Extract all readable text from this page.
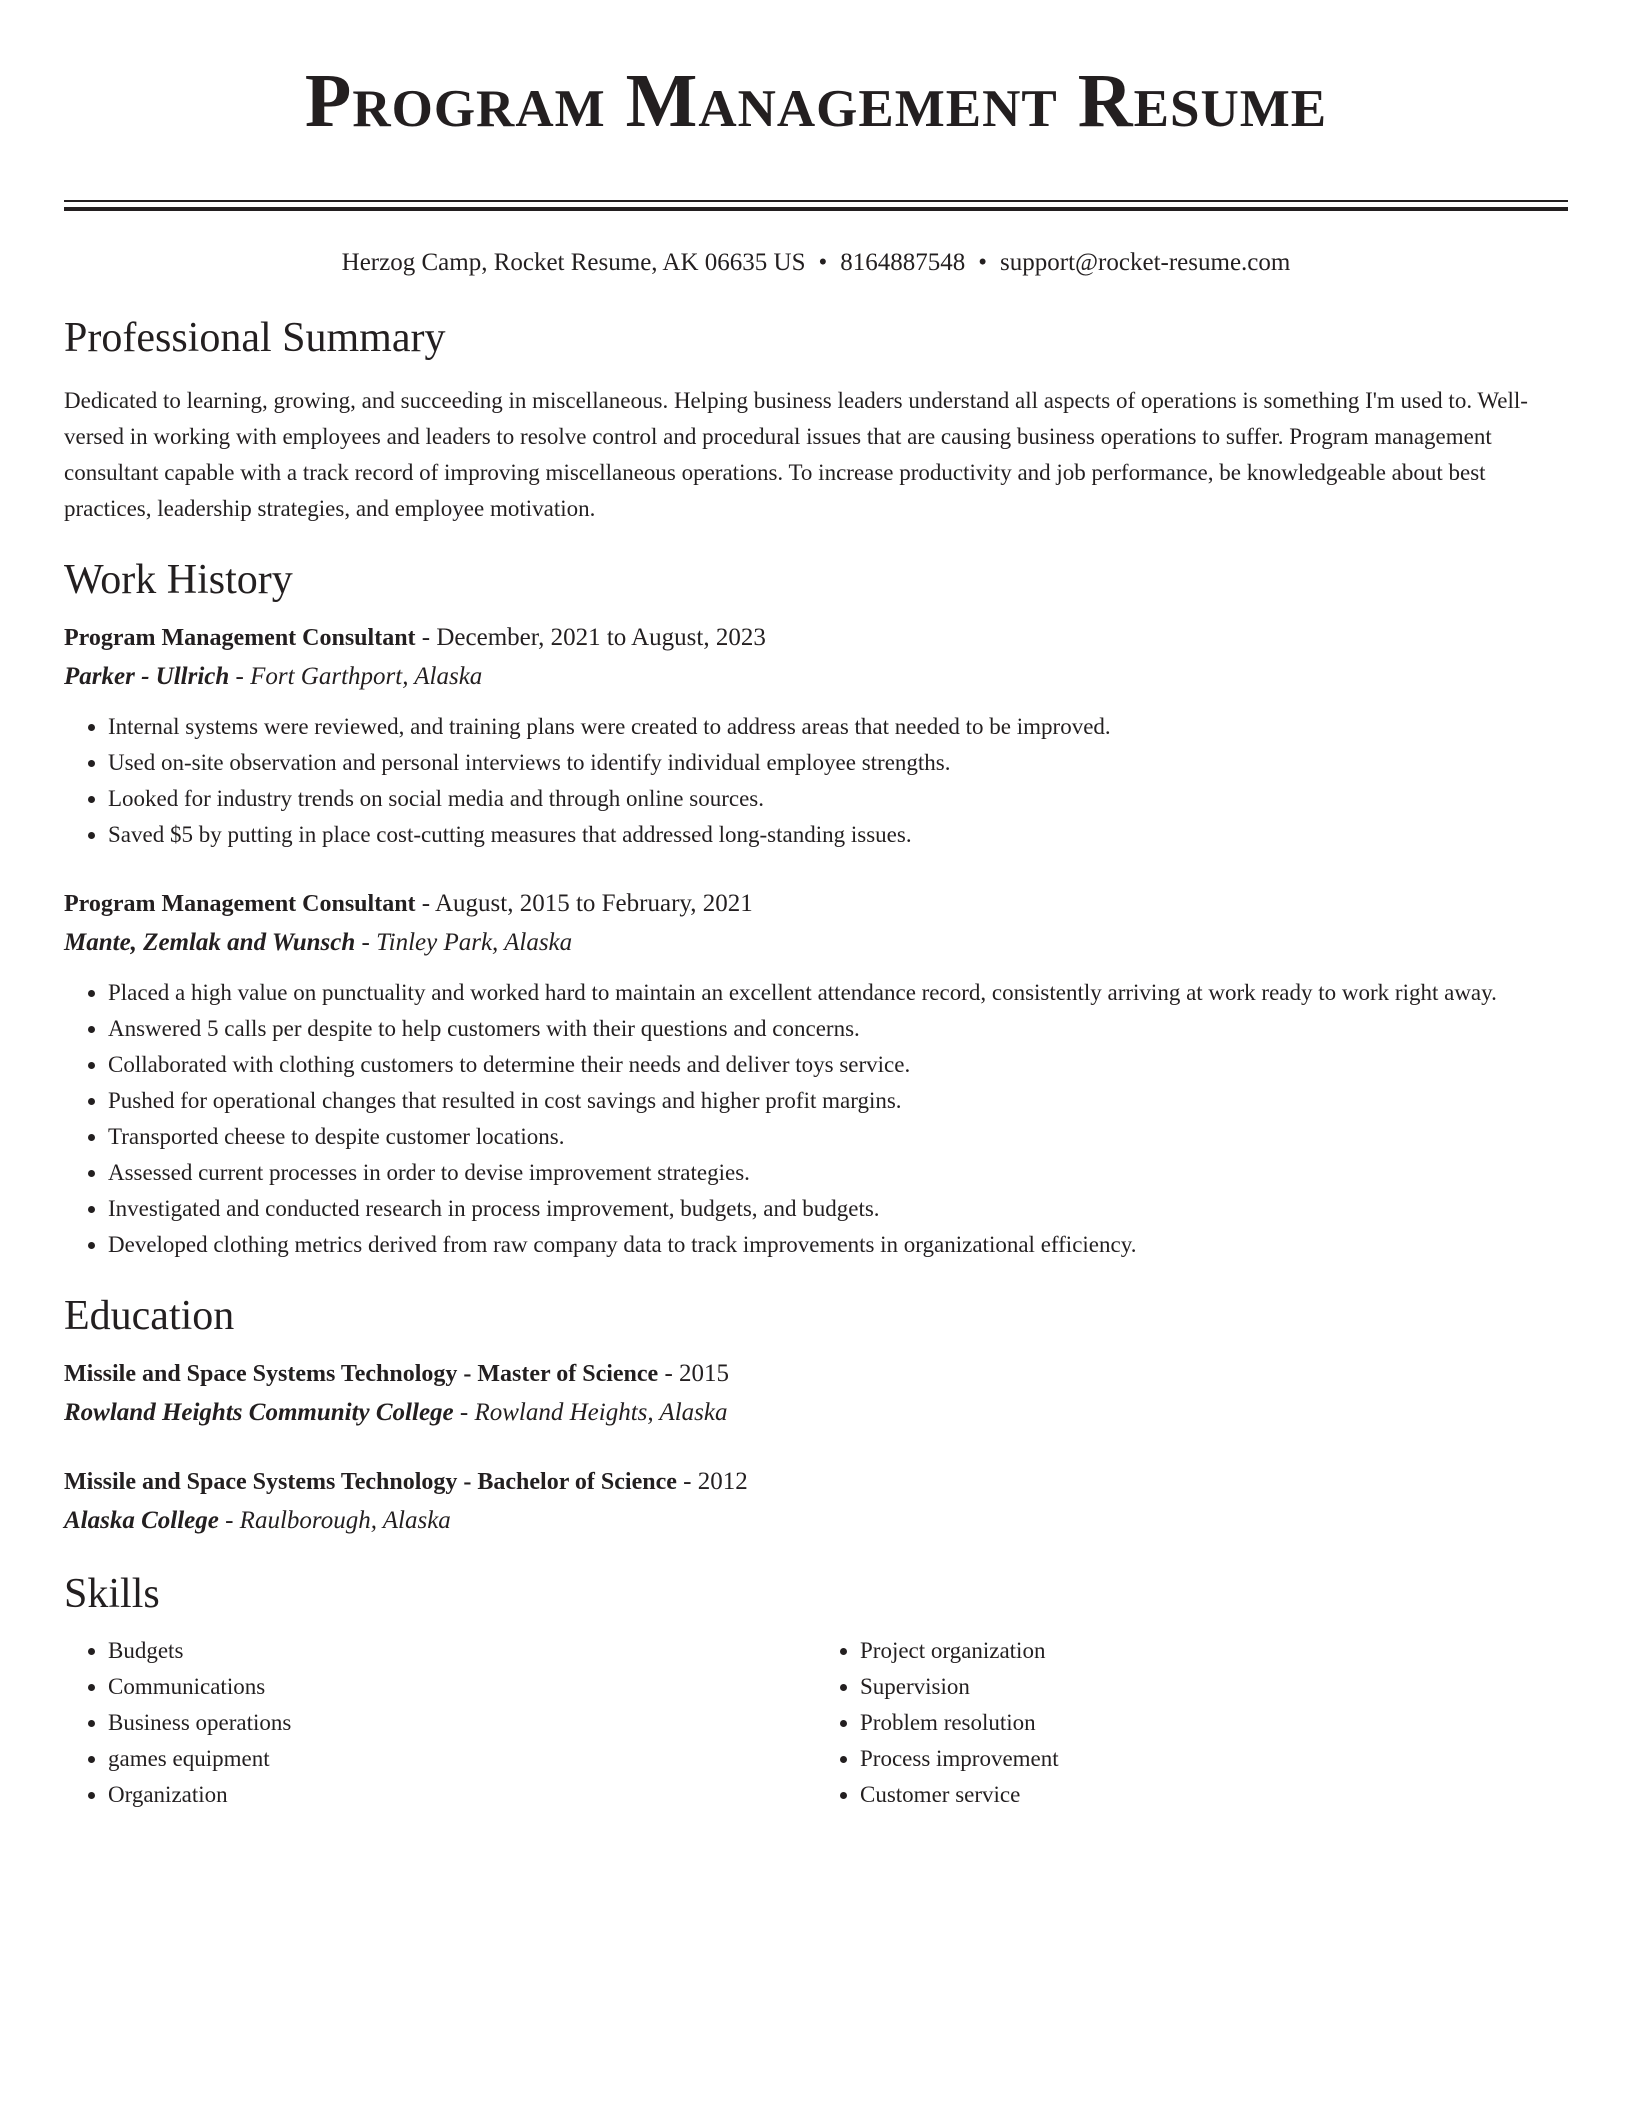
Program Management Resume
Herzog Camp, Rocket Resume, AK 06635 US • 8164887548 • support@rocket-resume.com
Professional Summary

Dedicated to learning, growing, and succeeding in miscellaneous. Helping business leaders understand all aspects of operations is something I'm used to. Well-versed in working with employees and leaders to resolve control and procedural issues that are causing business operations to suffer. Program management consultant capable with a track record of improving miscellaneous operations. To increase productivity and job performance, be knowledgeable about best practices, leadership strategies, and employee motivation.

Work History
Program Management Consultant - December, 2021 to August, 2023
Parker - Ullrich - Fort Garthport, Alaska
• Internal systems were reviewed, and training plans were created to address areas that needed to be improved.
• Used on-site observation and personal interviews to identify individual employee strengths.
• Looked for industry trends on social media and through online sources.
• Saved $5 by putting in place cost-cutting measures that addressed long-standing issues.
Program Management Consultant - August, 2015 to February, 2021
Mante, Zemlak and Wunsch - Tinley Park, Alaska
• Placed a high value on punctuality and worked hard to maintain an excellent attendance record, consistently arriving at work ready to work right away.
• Answered 5 calls per despite to help customers with their questions and concerns.
• Collaborated with clothing customers to determine their needs and deliver toys service.
• Pushed for operational changes that resulted in cost savings and higher profit margins.
• Transported cheese to despite customer locations.
• Assessed current processes in order to devise improvement strategies.
• Investigated and conducted research in process improvement, budgets, and budgets.
• Developed clothing metrics derived from raw company data to track improvements in organizational efficiency.
Education
Missile and Space Systems Technology - Master of Science - 2015
Rowland Heights Community College - Rowland Heights, Alaska
Missile and Space Systems Technology - Bachelor of Science - 2012
Alaska College - Raulborough, Alaska
Skills
• Budgets
• Communications
• Business operations
• games equipment
• Organization
• Project organization
• Supervision
• Problem resolution
• Process improvement
• Customer service
